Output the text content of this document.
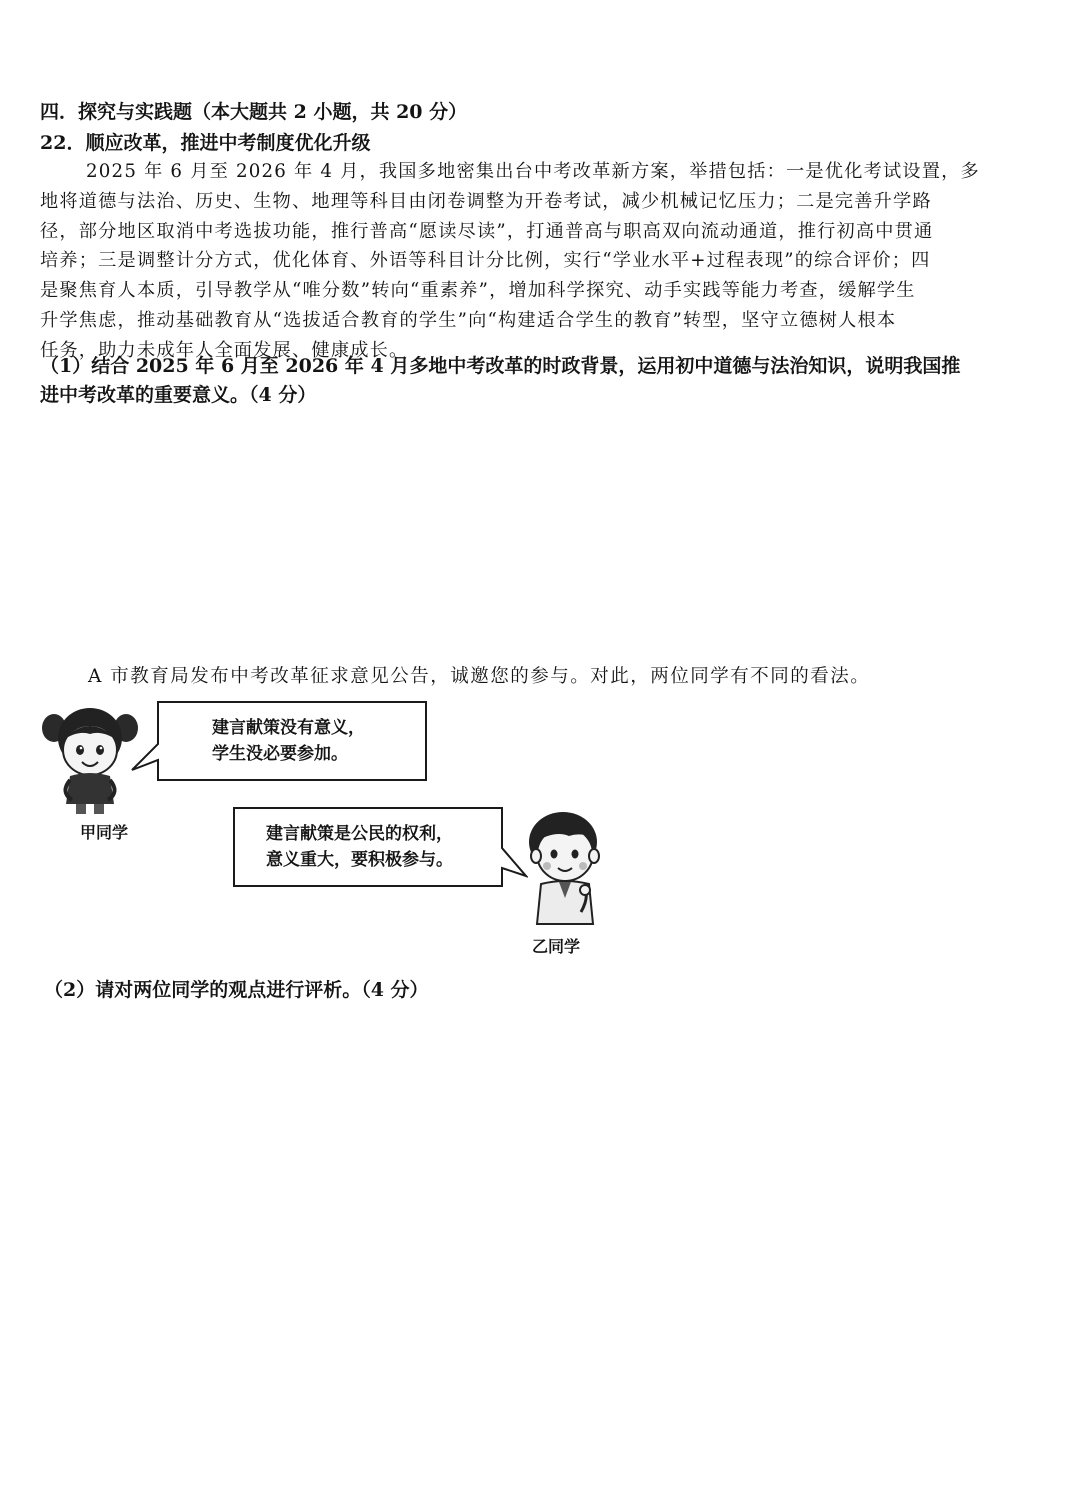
四．探究与实践题（本大题共 2 小题，共 20 分）
22．顺应改革，推进中考制度优化升级
2025 年 6 月至 2026 年 4 月，我国多地密集出台中考改革新方案，举措包括：一是优化考试设置，多
地将道德与法治、历史、生物、地理等科目由闭卷调整为开卷考试，减少机械记忆压力；二是完善升学路
径，部分地区取消中考选拔功能，推行普高“愿读尽读”，打通普高与职高双向流动通道，推行初高中贯通
培养；三是调整计分方式，优化体育、外语等科目计分比例，实行“学业水平+过程表现”的综合评价；四
是聚焦育人本质，引导教学从“唯分数”转向“重素养”，增加科学探究、动手实践等能力考查，缓解学生
升学焦虑，推动基础教育从“选拔适合教育的学生”向“构建适合学生的教育”转型，坚守立德树人根本
任务，助力未成年人全面发展、健康成长。
（1）结合 2025 年 6 月至 2026 年 4 月多地中考改革的时政背景，运用初中道德与法治知识，说明我国推
进中考改革的重要意义。（4 分）
A 市教育局发布中考改革征求意见公告，诚邀您的参与。对此，两位同学有不同的看法。
建言献策没有意义，
学生没必要参加。
甲同学	建言献策是公民的权利，
意义重大，要积极参与。
乙同学
（2）请对两位同学的观点进行评析。（4 分）
